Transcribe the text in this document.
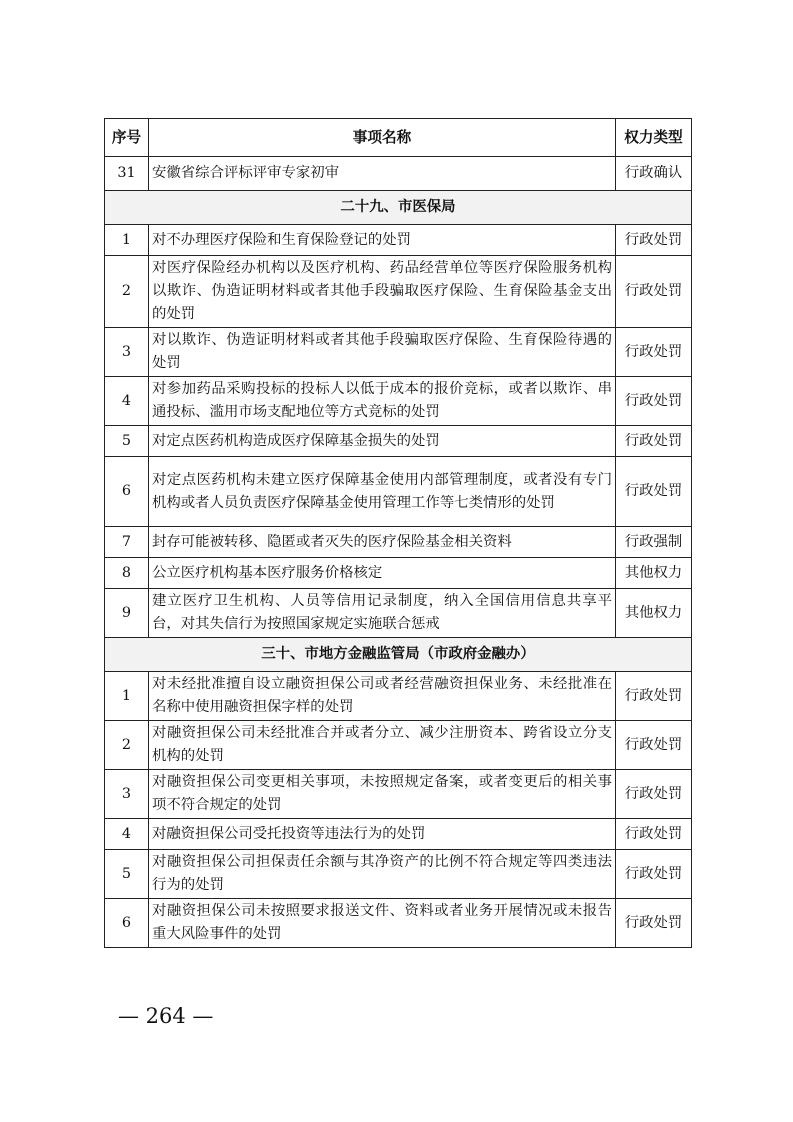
序号	事项名称	权力类型
31	安徽省综合评标评审专家初审	行政确认
二十九、市医保局		
1	对不办理医疗保险和生育保险登记的处罚	行政处罚
2	对医疗保险经办机构以及医疗机构、药品经营单位等医疗保险服务机构以欺诈、伪造证明材料或者其他手段骗取医疗保险、生育保险基金支出的处罚	行政处罚
3	对以欺诈、伪造证明材料或者其他手段骗取医疗保险、生育保险待遇的处罚	行政处罚
4	对参加药品采购投标的投标人以低于成本的报价竞标，或者以欺诈、串通投标、滥用市场支配地位等方式竞标的处罚	行政处罚
5	对定点医药机构造成医疗保障基金损失的处罚	行政处罚
6	对定点医药机构未建立医疗保障基金使用内部管理制度，或者没有专门机构或者人员负责医疗保障基金使用管理工作等七类情形的处罚	行政处罚
7	封存可能被转移、隐匿或者灭失的医疗保险基金相关资料	行政强制
8	公立医疗机构基本医疗服务价格核定	其他权力
9	建立医疗卫生机构、人员等信用记录制度，纳入全国信用信息共享平台，对其失信行为按照国家规定实施联合惩戒	其他权力
三十、市地方金融监管局（市政府金融办）		
1	对未经批准擅自设立融资担保公司或者经营融资担保业务、未经批准在名称中使用融资担保字样的处罚	行政处罚
2	对融资担保公司未经批准合并或者分立、减少注册资本、跨省设立分支机构的处罚	行政处罚
3	对融资担保公司变更相关事项，未按照规定备案，或者变更后的相关事项不符合规定的处罚	行政处罚
4	对融资担保公司受托投资等违法行为的处罚	行政处罚
5	对融资担保公司担保责任余额与其净资产的比例不符合规定等四类违法行为的处罚	行政处罚
6	对融资担保公司未按照要求报送文件、资料或者业务开展情况或未报告重大风险事件的处罚	行政处罚
— 264 —
